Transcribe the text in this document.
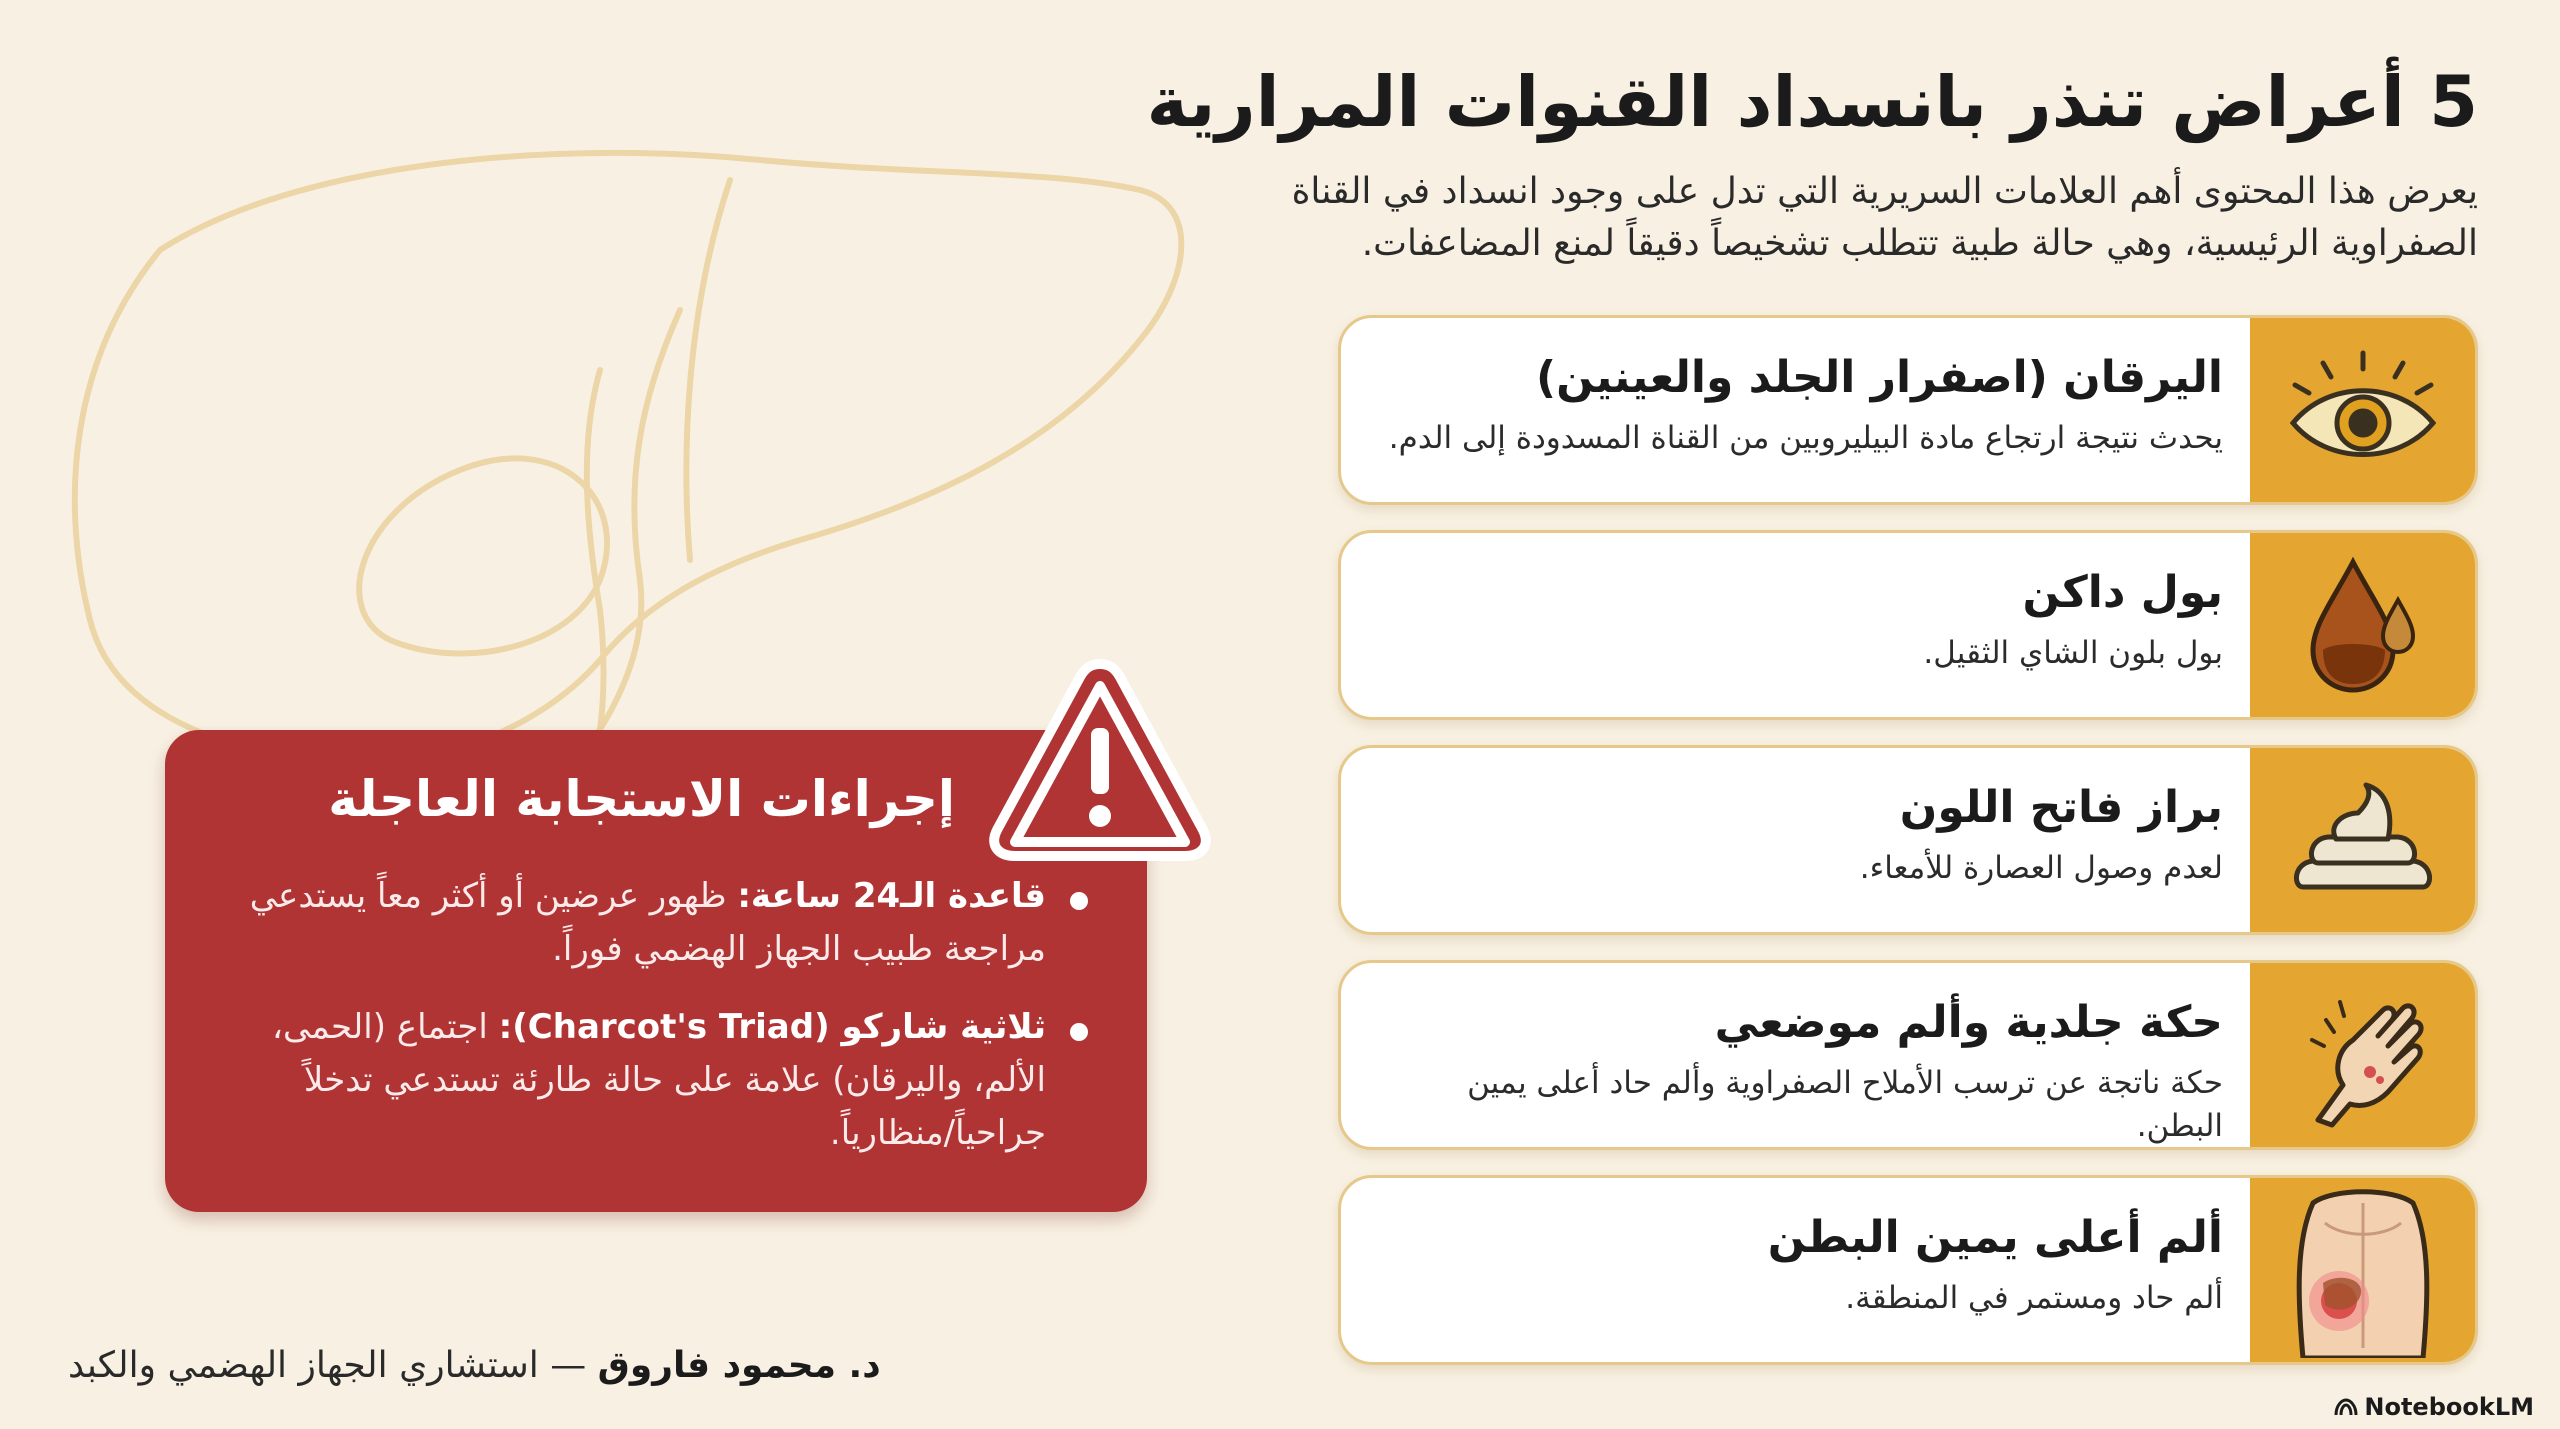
5 أعراض تنذر بانسداد القنوات المرارية

يعرض هذا المحتوى أهم العلامات السريرية التي تدل على وجود انسداد في القناة الصفراوية الرئيسية، وهي حالة طبية تتطلب تشخيصاً دقيقاً لمنع المضاعفات.

اليرقان (اصفرار الجلد والعينين)
يحدث نتيجة ارتجاع مادة البيليروبين من القناة المسدودة إلى الدم.
بول داكن
بول بلون الشاي الثقيل.
براز فاتح اللون
لعدم وصول العصارة للأمعاء.
حكة جلدية وألم موضعي
حكة ناتجة عن ترسب الأملاح الصفراوية وألم حاد أعلى يمين البطن.
ألم أعلى يمين البطن
ألم حاد ومستمر في المنطقة.
إجراءات الاستجابة العاجلة
قاعدة الـ24 ساعة: ظهور عرضين أو أكثر معاً يستدعي مراجعة طبيب الجهاز الهضمي فوراً.
ثلاثية شاركو (Charcot's Triad): اجتماع (الحمى، الألم، واليرقان) علامة على حالة طارئة تستدعي تدخلاً جراحياً/منظارياً.
د. محمود فاروق — استشاري الجهاز الهضمي والكبد
NotebookLM
